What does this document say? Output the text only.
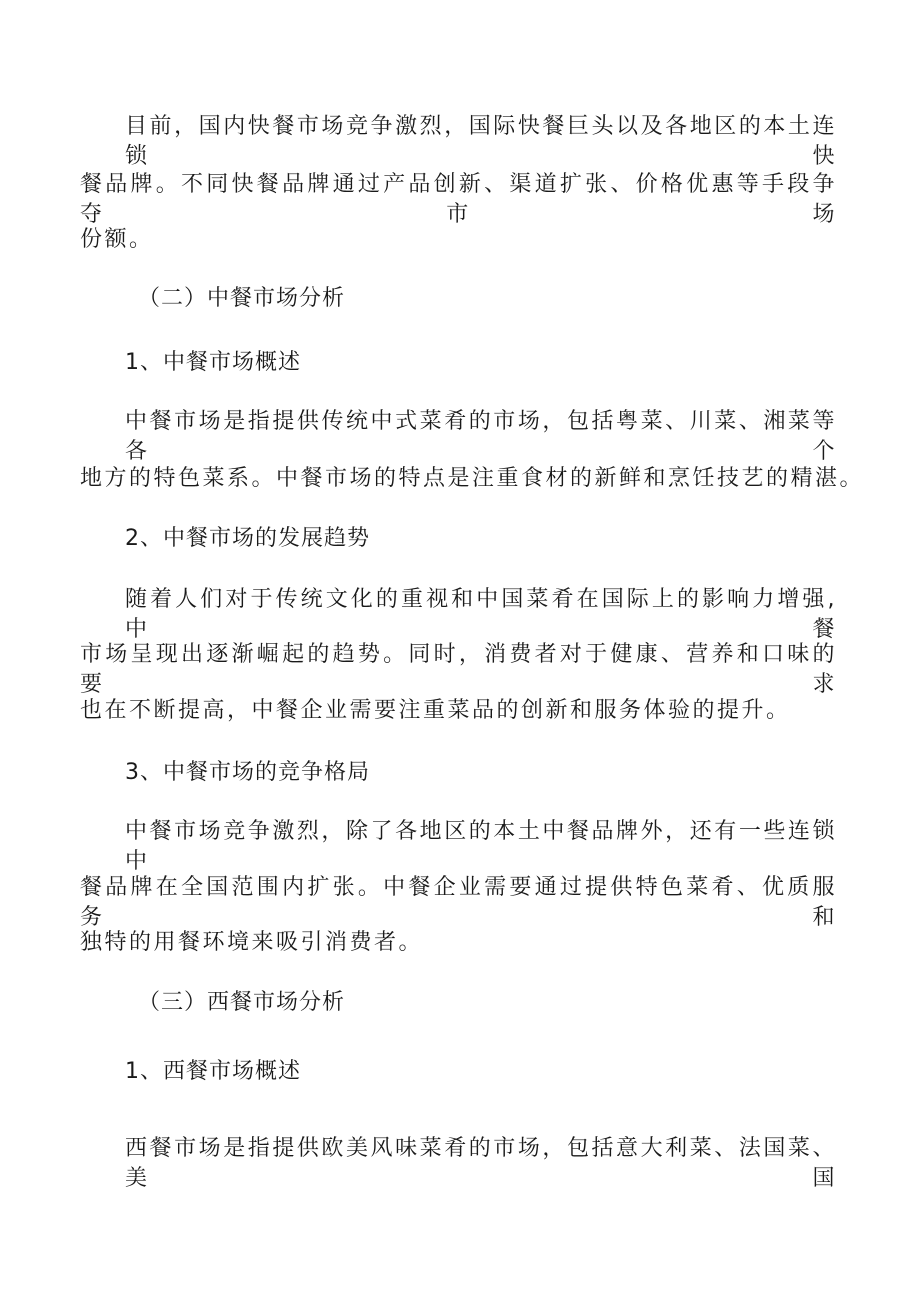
目前，国内快餐市场竞争激烈，国际快餐巨头以及各地区的本土连锁快
餐品牌。不同快餐品牌通过产品创新、渠道扩张、价格优惠等手段争夺市场
份额。
（二）中餐市场分析
1、中餐市场概述
中餐市场是指提供传统中式菜肴的市场，包括粤菜、川菜、湘菜等各个
地方的特色菜系。中餐市场的特点是注重食材的新鲜和烹饪技艺的精湛。
2、中餐市场的发展趋势
随着人们对于传统文化的重视和中国菜肴在国际上的影响力增强,中餐
市场呈现出逐渐崛起的趋势。同时，消费者对于健康、营养和口味的要求
也在不断提高，中餐企业需要注重菜品的创新和服务体验的提升。
3、中餐市场的竞争格局
中餐市场竞争激烈，除了各地区的本土中餐品牌外，还有一些连锁中
餐品牌在全国范围内扩张。中餐企业需要通过提供特色菜肴、优质服务和
独特的用餐环境来吸引消费者。
（三）西餐市场分析
1、西餐市场概述
西餐市场是指提供欧美风味菜肴的市场，包括意大利菜、法国菜、美国
